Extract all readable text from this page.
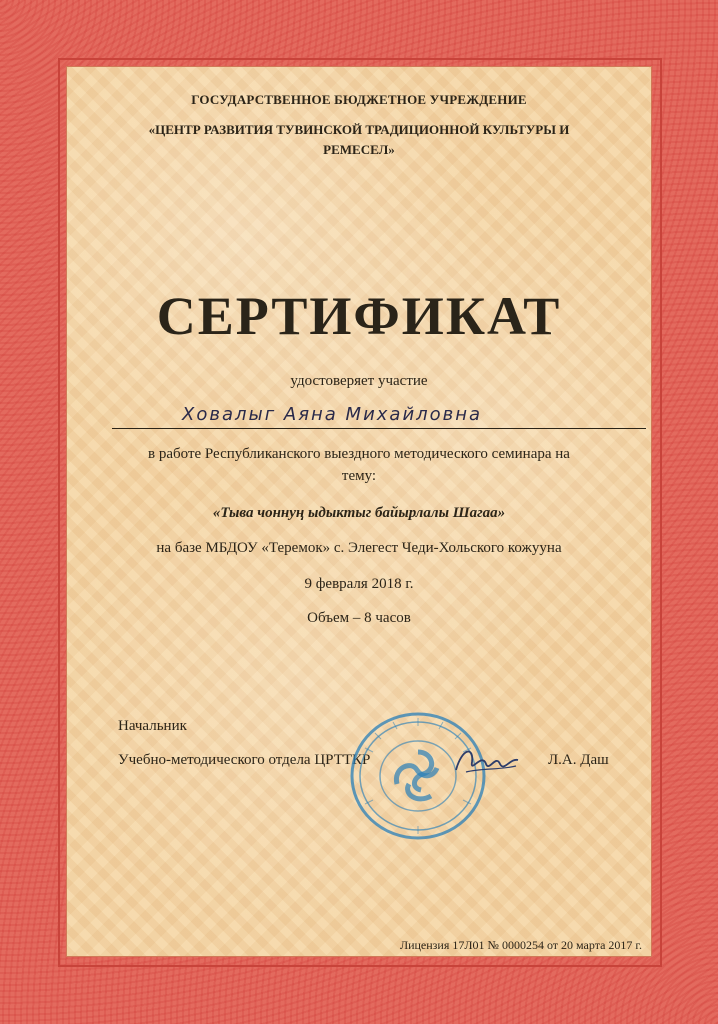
ГОСУДАРСТВЕННОЕ БЮДЖЕТНОЕ УЧРЕЖДЕНИЕ
«ЦЕНТР РАЗВИТИЯ ТУВИНСКОЙ ТРАДИЦИОННОЙ КУЛЬТУРЫ И
РЕМЕСЕЛ»
СЕРТИФИКАТ
удостоверяет участие
Ховалыг Аяна Михайловна
в работе Республиканского выездного методического семинара на
тему:
«Тыва чоннуң ыдыктыг байырлалы Шагаа»
на базе МБДОУ «Теремок» с. Элегест Чеди-Хольского кожууна
9 февраля 2018 г.
Объем – 8 часов
Начальник
Учебно-методического отдела ЦРТТКР	Л.А. Даш
Лицензия 17Л01 № 0000254 от 20 марта 2017 г.
